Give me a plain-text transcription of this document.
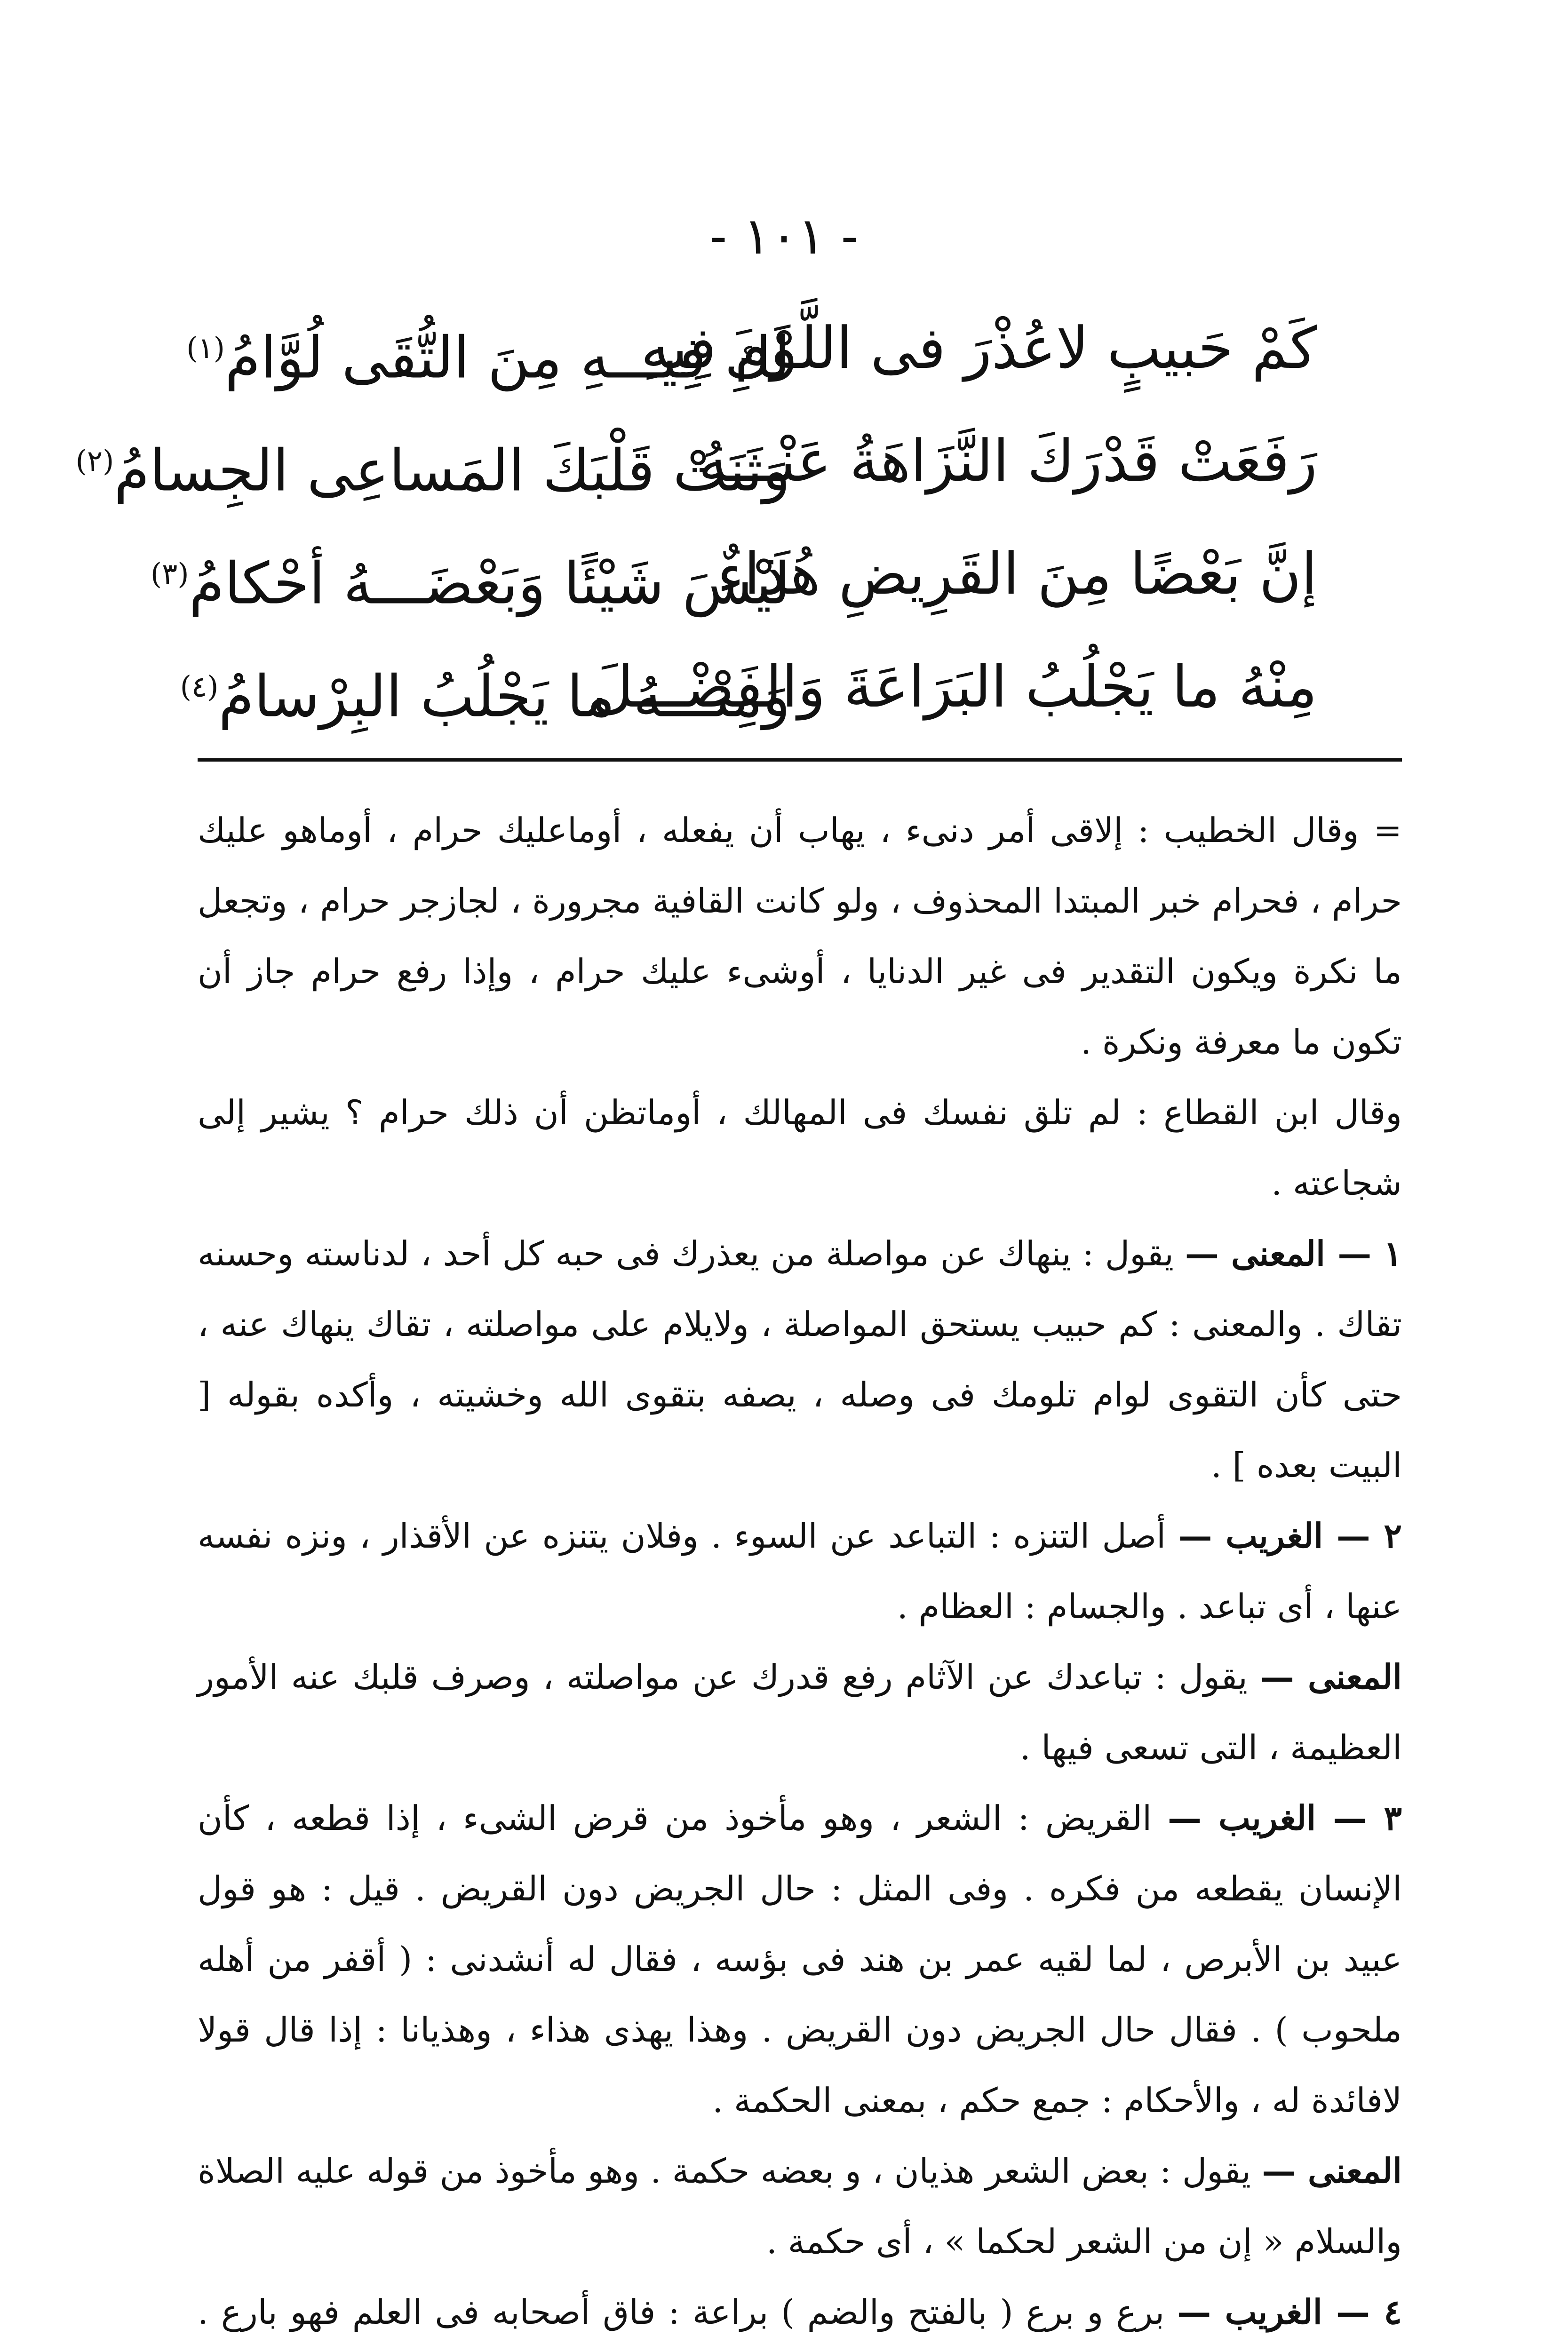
- ١٠١ -
كَمْ حَبيبٍ لاعُذْرَ فى اللَّوْمِ فِيهِ
لَكَ فِيـــهِ مِنَ التُّقَى لُوَّامُ$^{(١)}$
رَفَعَتْ قَدْرَكَ النَّزَاهَةُ عَنْـــهُ
وَثَنَتْ قَلْبَكَ المَساعِى الجِسامُ$^{(٢)}$
إنَّ بَعْضًا مِنَ القَرِيضِ هُذاءٌ
لَيْسَ شَيْئًا وَبَعْضَـــهُ أحْكامُ$^{(٣)}$
مِنْهُ ما يَجْلُبُ البَرَاعَةَ وَالفَضْـــلَ
وَمِنْـــهُ ما يَجْلُبُ البِرْسامُ$^{(٤)}$

= وقال الخطيب : إلاقى أمر دنىء ، يهاب أن يفعله ، أوماعليك حرام ، أوماهو عليك حرام ، فحرام خبر المبتدا المحذوف ، ولو كانت القافية مجرورة ، لجازجر حرام ، وتجعل ما نكرة ويكون التقدير فى غير الدنايا ، أوشىء عليك حرام ، وإذا رفع حرام جاز أن تكون ما معرفة ونكرة .

وقال ابن القطاع : لم تلق نفسك فى المهالك ، أوماتظن أن ذلك حرام ؟ يشير إلى شجاعته .

١ — المعنى — يقول : ينهاك عن مواصلة من يعذرك فى حبه كل أحد ، لدناسته وحسنه تقاك . والمعنى : كم حبيب يستحق المواصلة ، ولايلام على مواصلته ، تقاك ينهاك عنه ، حتى كأن التقوى لوام تلومك فى وصله ، يصفه بتقوى الله وخشيته ، وأكده بقوله [ البيت بعده ] .

٢ — الغريب — أصل التنزه : التباعد عن السوء . وفلان يتنزه عن الأقذار ، ونزه نفسه عنها ، أى تباعد . والجسام : العظام .

المعنى — يقول : تباعدك عن الآثام رفع قدرك عن مواصلته ، وصرف قلبك عنه الأمور العظيمة ، التى تسعى فيها .

٣ — الغريب — القريض : الشعر ، وهو مأخوذ من قرض الشىء ، إذا قطعه ، كأن الإنسان يقطعه من فكره . وفى المثل : حال الجريض دون القريض . قيل : هو قول عبيد بن الأبرص ، لما لقيه عمر بن هند فى بؤسه ، فقال له أنشدنى : ( أقفر من أهله ملحوب ) . فقال حال الجريض دون القريض . وهذا يهذى هذاء ، وهذيانا : إذا قال قولا لافائدة له ، والأحكام : جمع حكم ، بمعنى الحكمة .

المعنى — يقول : بعض الشعر هذيان ، و بعضه حكمة . وهو مأخوذ من قوله عليه الصلاة والسلام « إن من الشعر لحكما » ، أى حكمة .

٤ — الغريب — برع و برع ( بالفتح والضم ) براعة : فاق أصحابه فى العلم فهو بارع .
